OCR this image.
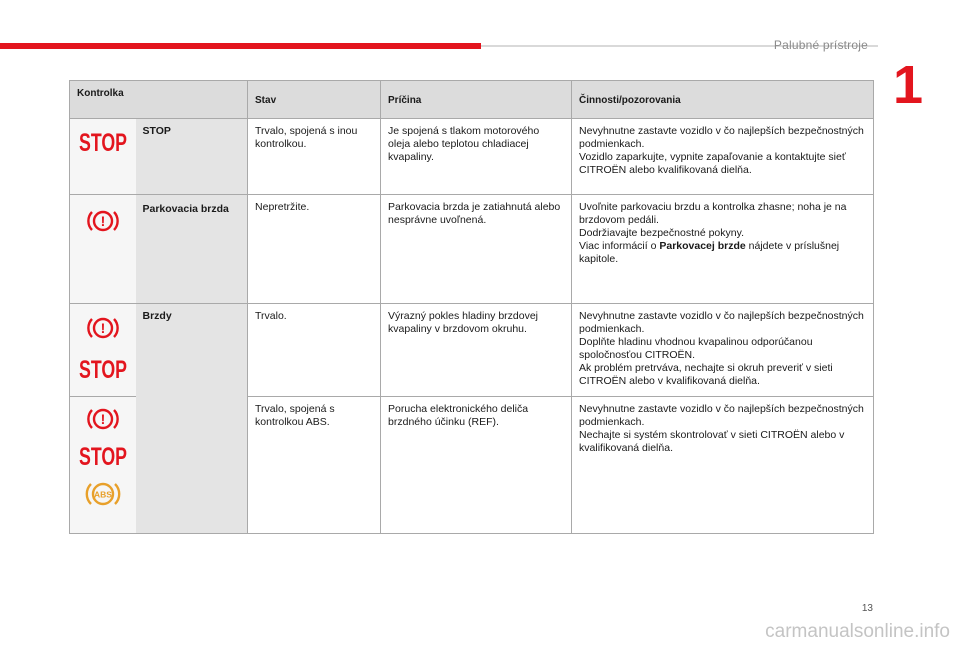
Palubné prístroje
1
Kontrolka		Stav	Príčina	Činnosti/pozorovania

STOP	STOP	Trvalo, spojená s inou kontrolkou.	Je spojená s tlakom motorového oleja alebo teplotou chladiacej kvapaliny.	Nevyhnutne zastavte vozidlo v čo najlepších bezpečnostných podmienkach.
Vozidlo zaparkujte, vypnite zapaľovanie a kontaktujte sieť CITROËN alebo kvalifikovaná dielňa.

!	Parkovacia brzda	Nepretržite.	Parkovacia brzda je zatiahnutá alebo nesprávne uvoľnená.	Uvoľnite parkovaciu brzdu a kontrolka zhasne; noha je na brzdovom pedáli.
Dodržiavajte bezpečnostné pokyny.
Viac informácií o Parkovacej brzde nájdete v príslušnej kapitole.

!
STOP	Brzdy	Trvalo.	Výrazný pokles hladiny brzdovej kvapaliny v brzdovom okruhu.	Nevyhnutne zastavte vozidlo v čo najlepších bezpečnostných podmienkach.
Doplňte hladinu vhodnou kvapalinou odporúčanou spoločnosťou CITROËN.
Ak problém pretrváva, nechajte si okruh preveriť v sieti CITROËN alebo v kvalifikovaná dielňa.

!
STOP
ABS		Trvalo, spojená s kontrolkou ABS.	Porucha elektronického deliča brzdného účinku (REF).	Nevyhnutne zastavte vozidlo v čo najlepších bezpečnostných podmienkach.
Nechajte si systém skontrolovať v sieti CITROËN alebo v kvalifikovaná dielňa.
13
carmanualsonline.info
